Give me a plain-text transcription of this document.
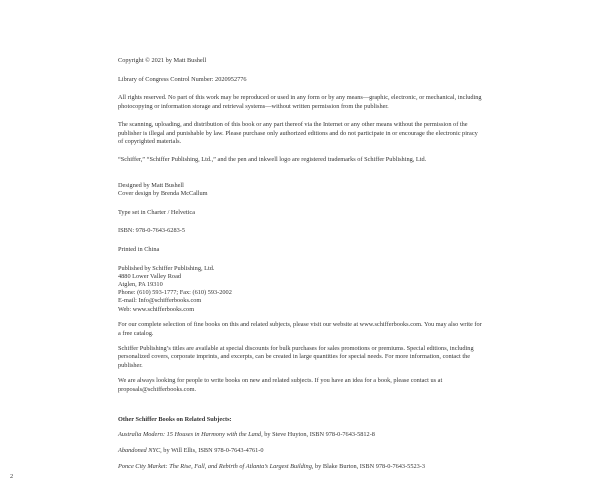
Copyright © 2021 by Matt Bushell

Library of Congress Control Number: 2020952776

All rights reserved. No part of this work may be reproduced or used in any form or by any means—graphic, electronic, or mechanical, including photocopying or information storage and retrieval systems—without written permission from the publisher.

The scanning, uploading, and distribution of this book or any part thereof via the Internet or any other means without the permission of the publisher is illegal and punishable by law. Please purchase only authorized editions and do not participate in or encourage the electronic piracy of copyrighted materials.

“Schiffer,” “Schiffer Publishing, Ltd.,” and the pen and inkwell logo are registered trademarks of Schiffer Publishing, Ltd.

Designed by Matt Bushell
Cover design by Brenda McCallum

Type set in Charter / Helvetica

ISBN: 978-0-7643-6283-5

Printed in China

Published by Schiffer Publishing, Ltd.
4880 Lower Valley Road
Atglen, PA 19310
Phone: (610) 593-1777; Fax: (610) 593-2002
E-mail: Info@schifferbooks.com
Web: www.schifferbooks.com

For our complete selection of fine books on this and related subjects, please visit our website at www.schifferbooks.com. You may also write for a free catalog.

Schiffer Publishing’s titles are available at special discounts for bulk purchases for sales promotions or premiums. Special editions, including personalized covers, corporate imprints, and excerpts, can be created in large quantities for special needs. For more information, contact the publisher.

We are always looking for people to write books on new and related subjects. If you have an idea for a book, please contact us at proposals@schifferbooks.com.

Other Schiffer Books on Related Subjects:

Australia Modern: 15 Houses in Harmony with the Land, by Steve Huyton, ISBN 978-0-7643-5812-8

Abandoned NYC, by Will Ellis, ISBN 978-0-7643-4761-0

Ponce City Market: The Rise, Fall, and Rebirth of Atlanta’s Largest Building, by Blake Burton, ISBN 978-0-7643-5523-3

2
